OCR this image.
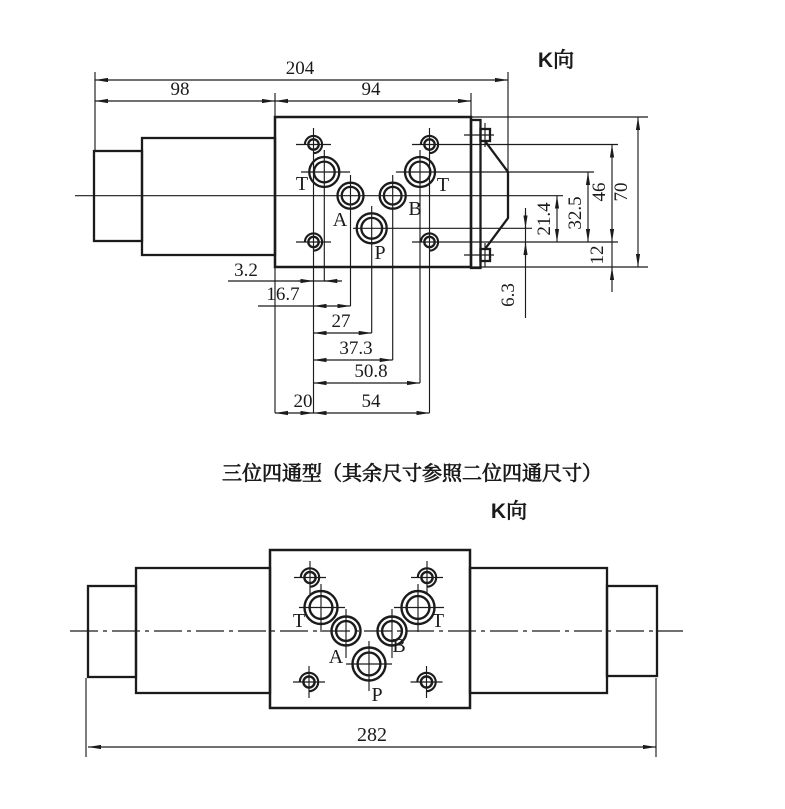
T	T
A	B
P
204
98	94
K向
3.2
16.7
27
37.3
50.8
20	54
6.3
21.4 32.5
46
12
70
三位四通型（其余尺寸参照二位四通尺寸）
K向
T	T
A B
P
282
